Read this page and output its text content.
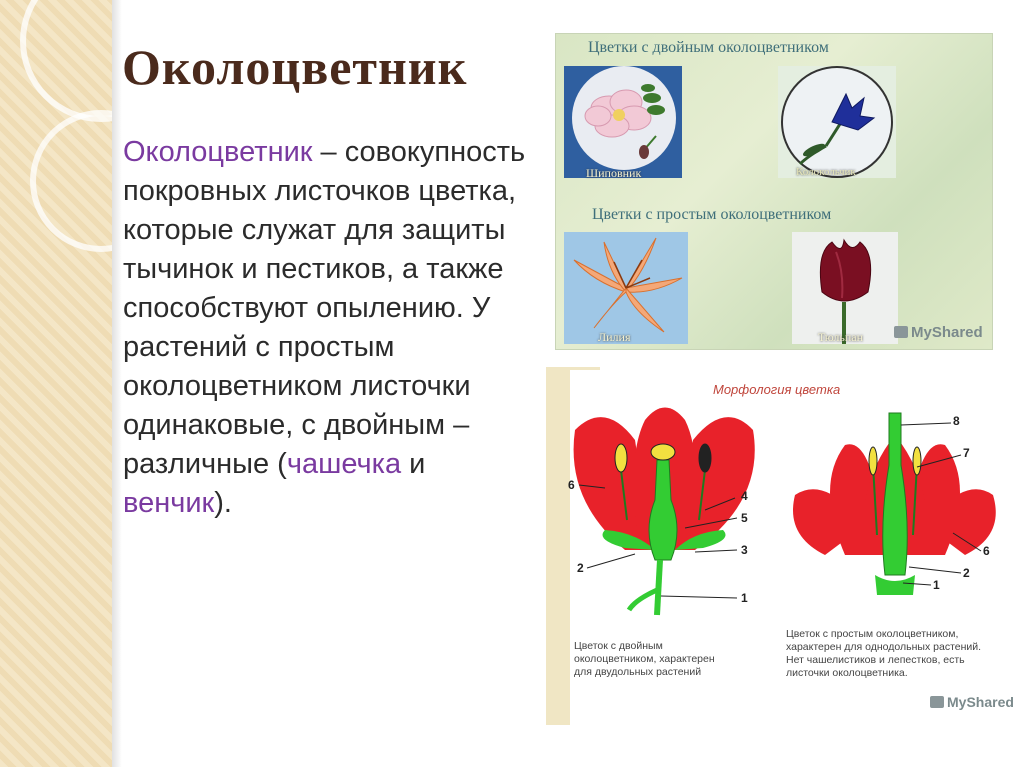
Околоцветник
Околоцветник – совокупность покровных листочков цветка, которые служат для защиты тычинок и пестиков, а также способствуют опылению. У растений с простым околоцветником листочки одинаковые, с двойным – различные (чашечка и венчик).
Цветки с двойным околоцветником
Шиповник	Колокольчик
Цветки с простым околоцветником
Лилия	Тюльпан	MyShared
Морфология цветка
6
4
5
3
2
1
8
7
6
2
1
Цветок с двойным околоцветником, характерен для двудольных растений
Цветок с простым околоцветником, характерен для однодольных растений. Нет чашелистиков и лепестков, есть листочки околоцветника.
MyShared
